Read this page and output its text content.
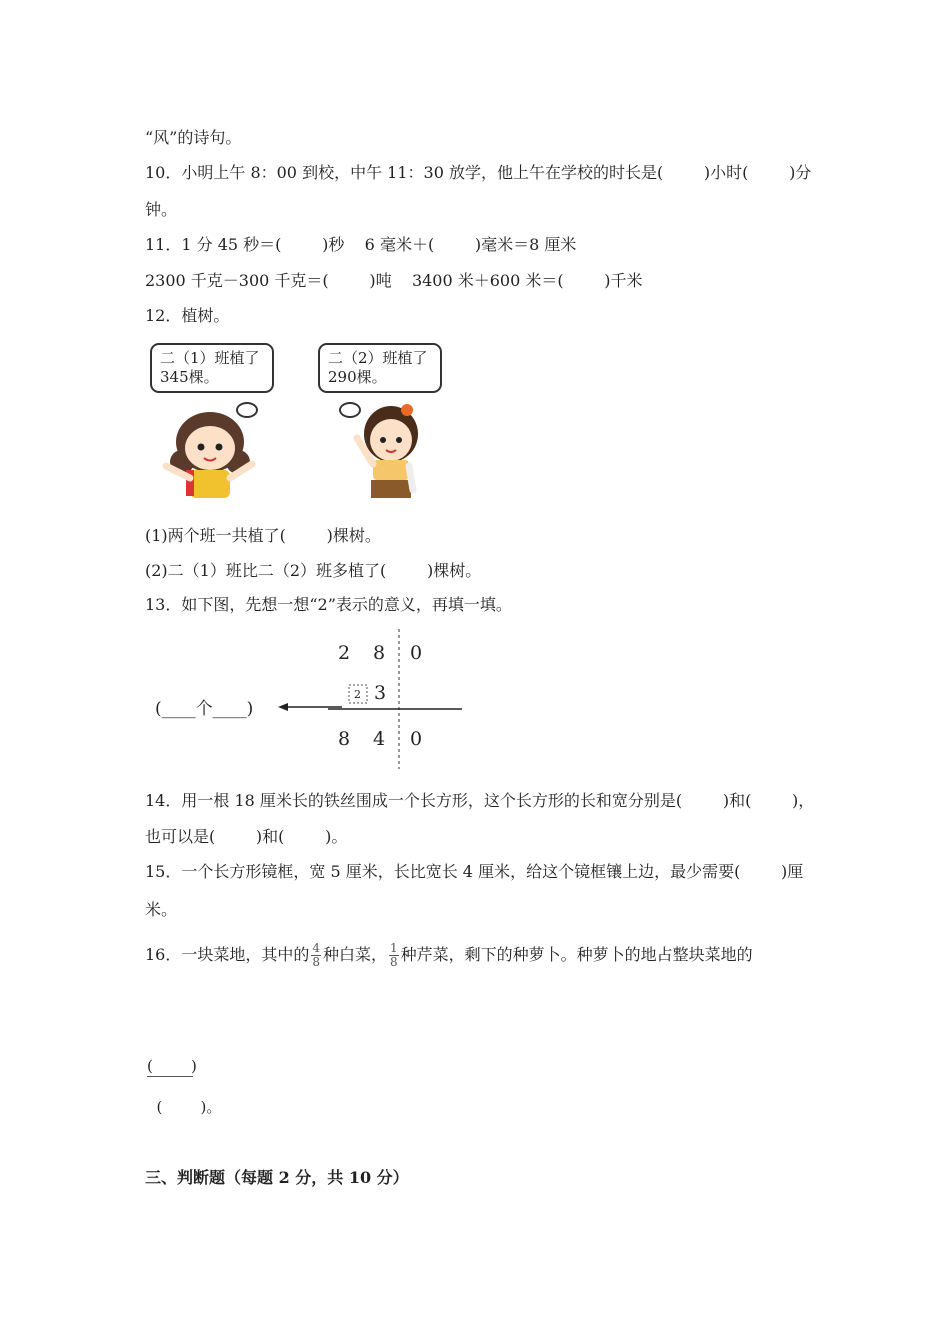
“风”的诗句。
10．小明上午 8：00 到校，中午 11：30 放学，他上午在学校的时长是(        )小时(        )分
钟。
11．1 分 45 秒＝(        )秒    6 毫米＋(        )毫米＝8 厘米
2300 千克－300 千克＝(        )吨    3400 米＋600 米＝(        )千米
12．植树。
二（1）班植了
345棵。
二（2）班植了
290棵。
(1)两个班一共植了(        )棵树。
(2)二（1）班比二（2）班多植了(        )棵树。
13．如下图，先想一想“2”表示的意义，再填一填。
2 8 0
2 3
8 4 0
(____个____)
14．用一根 18 厘米长的铁丝围成一个长方形，这个长方形的长和宽分别是(        )和(        )，
也可以是(        )和(        )。
15．一个长方形镜框，宽 5 厘米，长比宽长 4 厘米，给这个镜框镶上边，最少需要(        )厘
米。
16．一块菜地，其中的 $\frac{4}{8}$ 种白菜， $\frac{1}{8}$ 种芹菜，剩下的种萝卜。种萝卜的地占整块菜地的

(        )

(        )。

三、判断题（每题 2 分，共 10 分）
